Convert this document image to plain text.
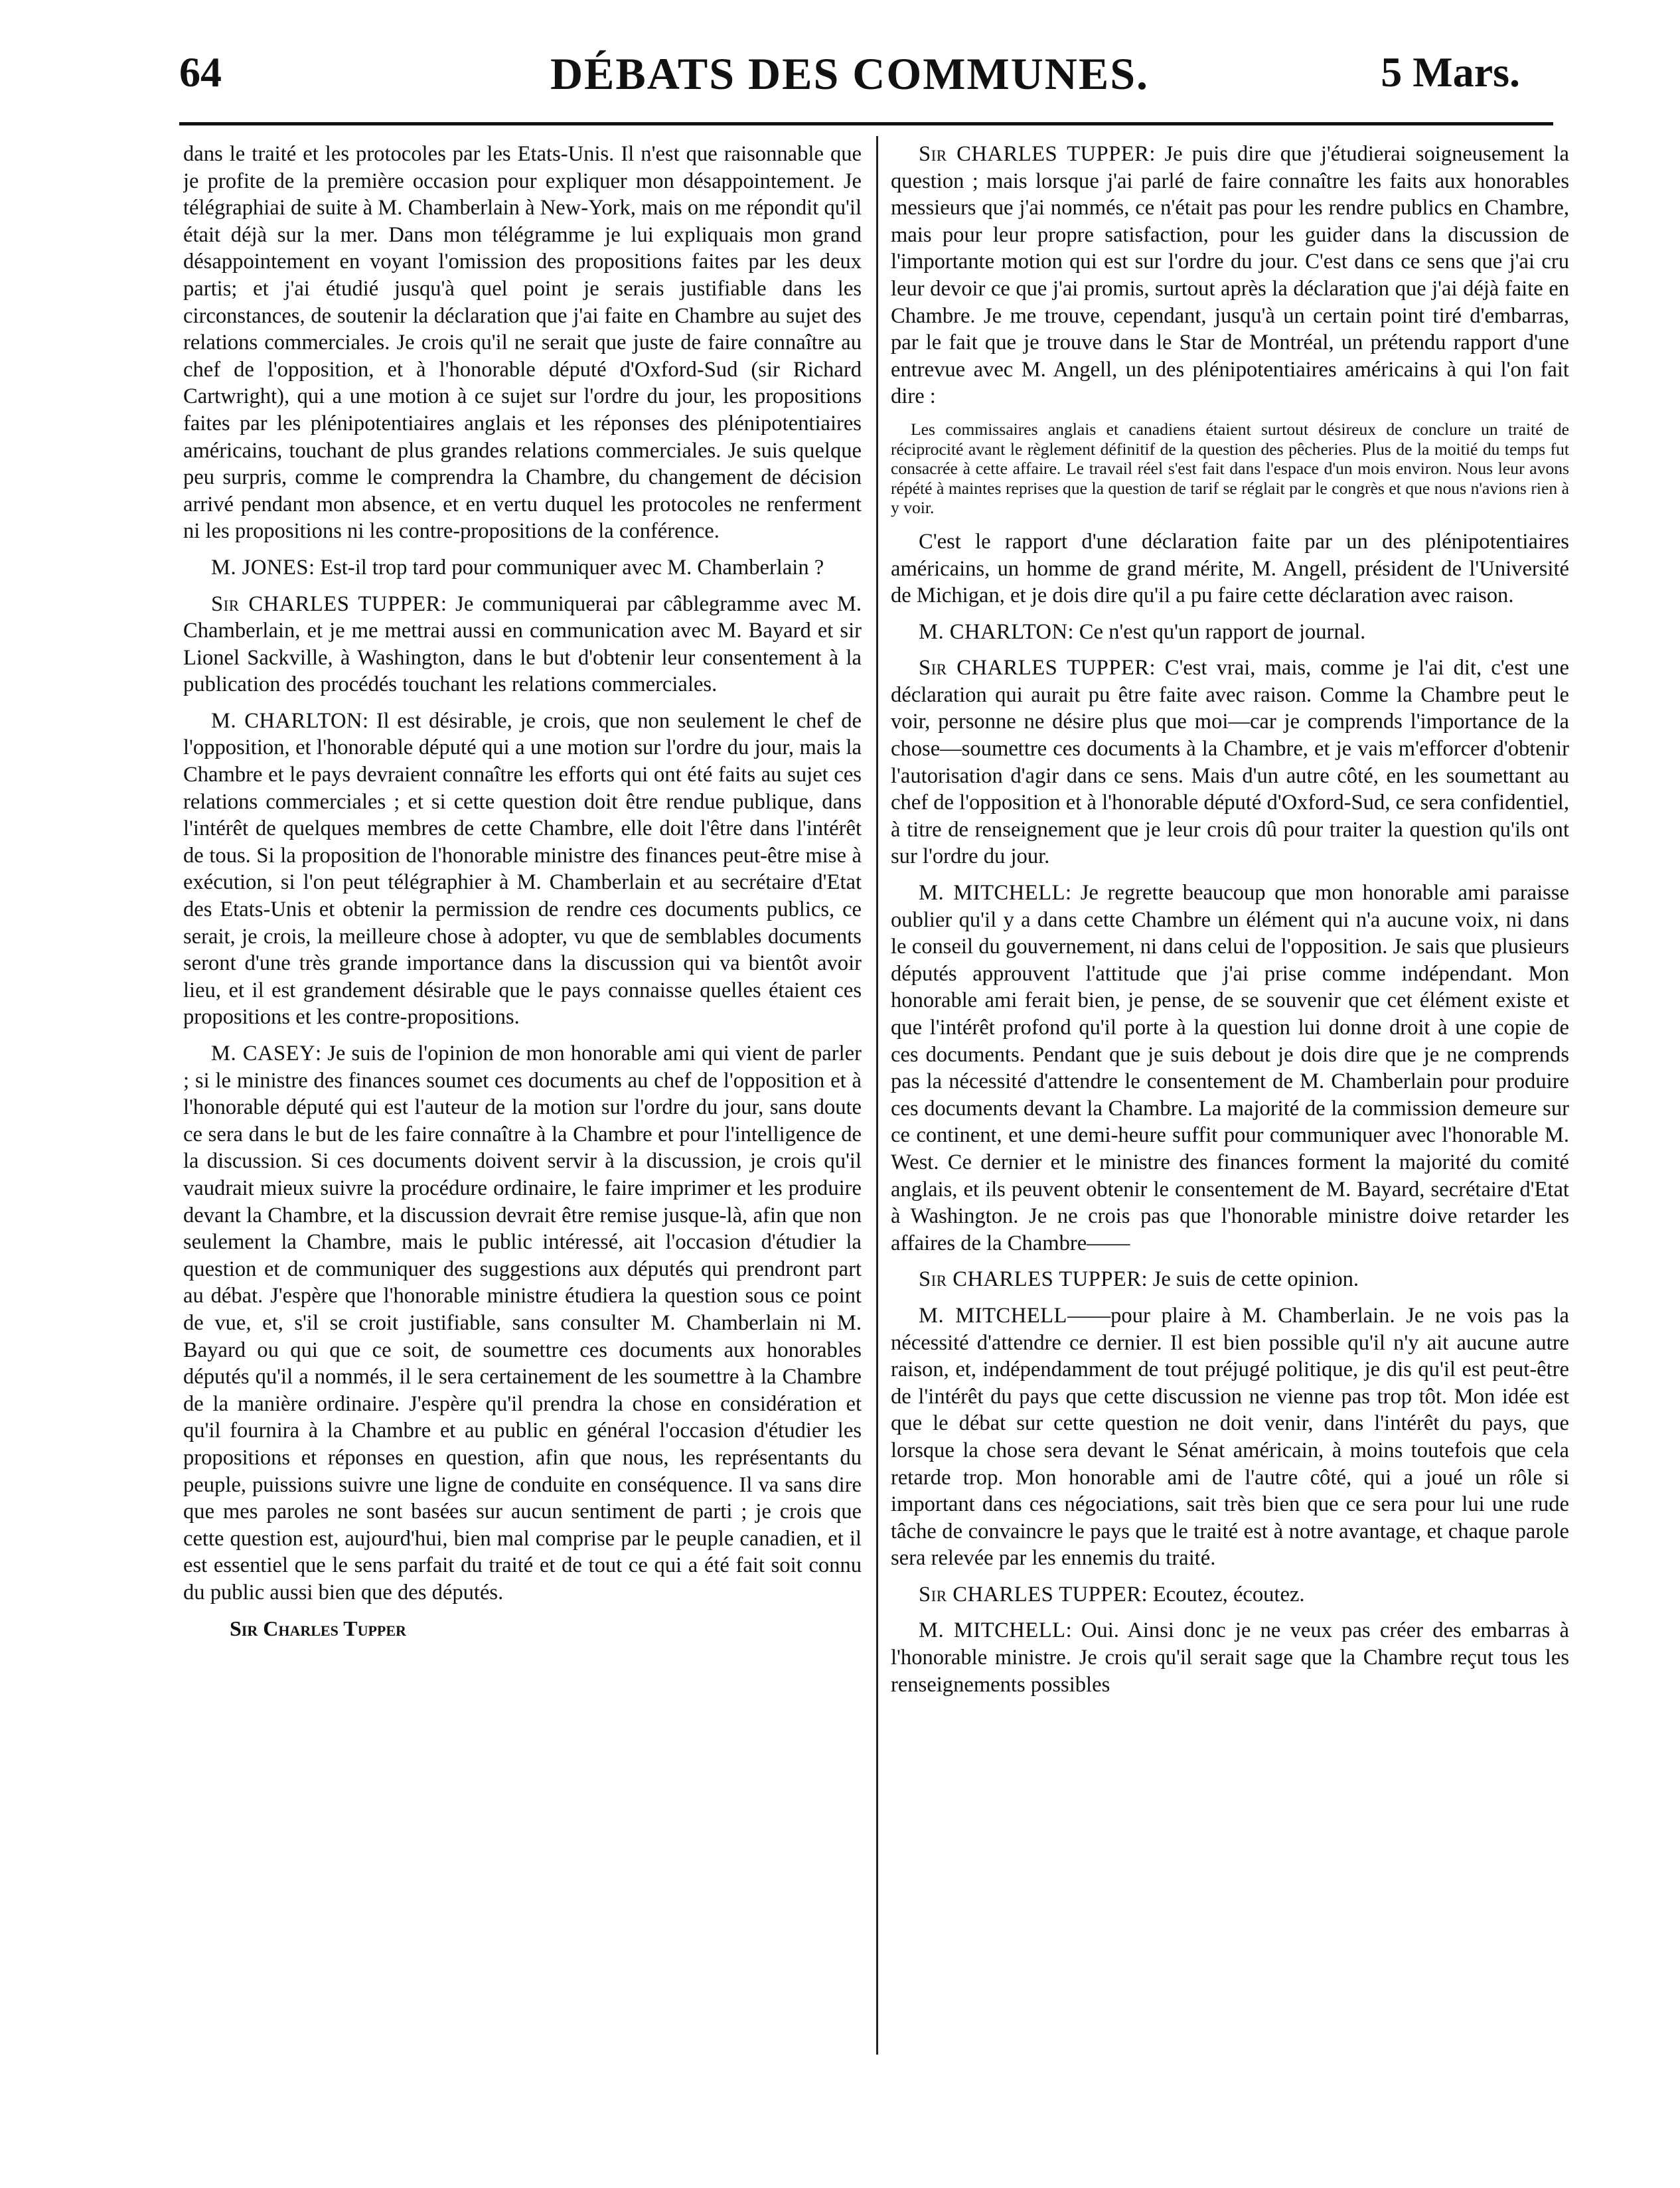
64	DÉBATS DES COMMUNES.	5 Mars.

dans le traité et les protocoles par les Etats-Unis. Il n'est que raisonnable que je profite de la première occasion pour expliquer mon désappointement. Je télégraphiai de suite à M. Chamberlain à New-York, mais on me répondit qu'il était déjà sur la mer. Dans mon télégramme je lui expliquais mon grand désappointement en voyant l'omission des propositions faites par les deux partis; et j'ai étudié jusqu'à quel point je serais justifiable dans les circonstances, de soutenir la déclaration que j'ai faite en Chambre au sujet des relations commerciales. Je crois qu'il ne serait que juste de faire connaître au chef de l'opposition, et à l'honorable député d'Oxford-Sud (sir Richard Cartwright), qui a une motion à ce sujet sur l'ordre du jour, les propositions faites par les plénipotentiaires anglais et les réponses des plénipotentiaires américains, touchant de plus grandes relations commerciales. Je suis quelque peu surpris, comme le comprendra la Chambre, du changement de décision arrivé pendant mon absence, et en vertu duquel les protocoles ne renferment ni les propositions ni les contre-propositions de la conférence.

M. JONES: Est-il trop tard pour communiquer avec M. Chamberlain ?

Sir CHARLES TUPPER: Je communiquerai par câblegramme avec M. Chamberlain, et je me mettrai aussi en communication avec M. Bayard et sir Lionel Sackville, à Washington, dans le but d'obtenir leur consentement à la publication des procédés touchant les relations commerciales.

M. CHARLTON: Il est désirable, je crois, que non seulement le chef de l'opposition, et l'honorable député qui a une motion sur l'ordre du jour, mais la Chambre et le pays devraient connaître les efforts qui ont été faits au sujet ces relations commerciales ; et si cette question doit être rendue publique, dans l'intérêt de quelques membres de cette Chambre, elle doit l'être dans l'intérêt de tous. Si la proposition de l'honorable ministre des finances peut-être mise à exécution, si l'on peut télégraphier à M. Chamberlain et au secrétaire d'Etat des Etats-Unis et obtenir la permission de rendre ces documents publics, ce serait, je crois, la meilleure chose à adopter, vu que de semblables documents seront d'une très grande importance dans la discussion qui va bientôt avoir lieu, et il est grandement désirable que le pays connaisse quelles étaient ces propositions et les contre-propositions.

M. CASEY: Je suis de l'opinion de mon honorable ami qui vient de parler ; si le ministre des finances soumet ces documents au chef de l'opposition et à l'honorable député qui est l'auteur de la motion sur l'ordre du jour, sans doute ce sera dans le but de les faire connaître à la Chambre et pour l'intelligence de la discussion. Si ces documents doivent servir à la discussion, je crois qu'il vaudrait mieux suivre la procédure ordinaire, le faire imprimer et les produire devant la Chambre, et la discussion devrait être remise jusque-là, afin que non seulement la Chambre, mais le public intéressé, ait l'occasion d'étudier la question et de communiquer des suggestions aux députés qui prendront part au débat. J'espère que l'honorable ministre étudiera la question sous ce point de vue, et, s'il se croit justifiable, sans consulter M. Chamberlain ni M. Bayard ou qui que ce soit, de soumettre ces documents aux honorables députés qu'il a nommés, il le sera certainement de les soumettre à la Chambre de la manière ordinaire. J'espère qu'il prendra la chose en considération et qu'il fournira à la Chambre et au public en général l'occasion d'étudier les propositions et réponses en question, afin que nous, les représentants du peuple, puissions suivre une ligne de conduite en conséquence. Il va sans dire que mes paroles ne sont basées sur aucun sentiment de parti ; je crois que cette question est, aujourd'hui, bien mal comprise par le peuple canadien, et il est essentiel que le sens parfait du traité et de tout ce qui a été fait soit connu du public aussi bien que des députés.

Sir Charles Tupper

Sir CHARLES TUPPER: Je puis dire que j'étudierai soigneusement la question ; mais lorsque j'ai parlé de faire connaître les faits aux honorables messieurs que j'ai nommés, ce n'était pas pour les rendre publics en Chambre, mais pour leur propre satisfaction, pour les guider dans la discussion de l'importante motion qui est sur l'ordre du jour. C'est dans ce sens que j'ai cru leur devoir ce que j'ai promis, surtout après la déclaration que j'ai déjà faite en Chambre. Je me trouve, cependant, jusqu'à un certain point tiré d'embarras, par le fait que je trouve dans le Star de Montréal, un prétendu rapport d'une entrevue avec M. Angell, un des plénipotentiaires américains à qui l'on fait dire :

Les commissaires anglais et canadiens étaient surtout désireux de conclure un traité de réciprocité avant le règlement définitif de la question des pêcheries. Plus de la moitié du temps fut consacrée à cette affaire. Le travail réel s'est fait dans l'espace d'un mois environ. Nous leur avons répété à maintes reprises que la question de tarif se réglait par le congrès et que nous n'avions rien à y voir.

C'est le rapport d'une déclaration faite par un des plénipotentiaires américains, un homme de grand mérite, M. Angell, président de l'Université de Michigan, et je dois dire qu'il a pu faire cette déclaration avec raison.

M. CHARLTON: Ce n'est qu'un rapport de journal.

Sir CHARLES TUPPER: C'est vrai, mais, comme je l'ai dit, c'est une déclaration qui aurait pu être faite avec raison. Comme la Chambre peut le voir, personne ne désire plus que moi—car je comprends l'importance de la chose—soumettre ces documents à la Chambre, et je vais m'efforcer d'obtenir l'autorisation d'agir dans ce sens. Mais d'un autre côté, en les soumettant au chef de l'opposition et à l'honorable député d'Oxford-Sud, ce sera confidentiel, à titre de renseignement que je leur crois dû pour traiter la question qu'ils ont sur l'ordre du jour.

M. MITCHELL: Je regrette beaucoup que mon honorable ami paraisse oublier qu'il y a dans cette Chambre un élément qui n'a aucune voix, ni dans le conseil du gouvernement, ni dans celui de l'opposition. Je sais que plusieurs députés approuvent l'attitude que j'ai prise comme indépendant. Mon honorable ami ferait bien, je pense, de se souvenir que cet élément existe et que l'intérêt profond qu'il porte à la question lui donne droit à une copie de ces documents. Pendant que je suis debout je dois dire que je ne comprends pas la nécessité d'attendre le consentement de M. Chamberlain pour produire ces documents devant la Chambre. La majorité de la commission demeure sur ce continent, et une demi-heure suffit pour communiquer avec l'honorable M. West. Ce dernier et le ministre des finances forment la majorité du comité anglais, et ils peuvent obtenir le consentement de M. Bayard, secrétaire d'Etat à Washington. Je ne crois pas que l'honorable ministre doive retarder les affaires de la Chambre——

Sir CHARLES TUPPER: Je suis de cette opinion.

M. MITCHELL——pour plaire à M. Chamberlain. Je ne vois pas la nécessité d'attendre ce dernier. Il est bien possible qu'il n'y ait aucune autre raison, et, indépendamment de tout préjugé politique, je dis qu'il est peut-être de l'intérêt du pays que cette discussion ne vienne pas trop tôt. Mon idée est que le débat sur cette question ne doit venir, dans l'intérêt du pays, que lorsque la chose sera devant le Sénat américain, à moins toutefois que cela retarde trop. Mon honorable ami de l'autre côté, qui a joué un rôle si important dans ces négociations, sait très bien que ce sera pour lui une rude tâche de convaincre le pays que le traité est à notre avantage, et chaque parole sera relevée par les ennemis du traité.

Sir CHARLES TUPPER: Ecoutez, écoutez.

M. MITCHELL: Oui. Ainsi donc je ne veux pas créer des embarras à l'honorable ministre. Je crois qu'il serait sage que la Chambre reçut tous les renseignements possibles
